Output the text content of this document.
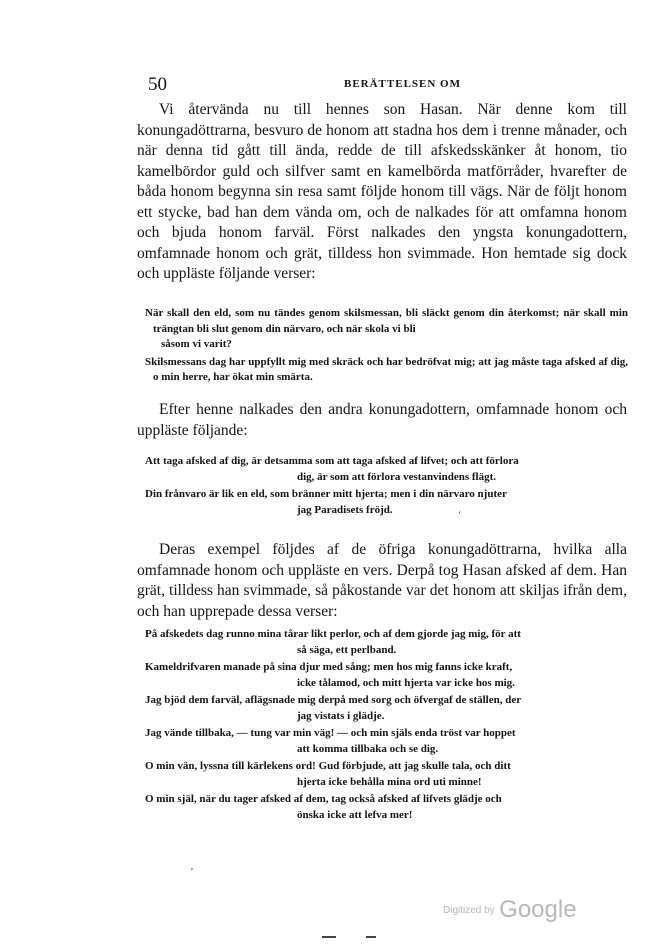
50	BERÄTTELSEN OM

Vi återvända nu till hennes son Hasan. När denne kom till konungadöttrarna, besvuro de honom att stadna hos dem i trenne månader, och när denna tid gått till ända, redde de till afskedsskänker åt honom, tio kamelbördor guld och silfver samt en kamelbörda matförråder, hvarefter de båda honom begynna sin resa samt följde honom till vägs. När de följt honom ett stycke, bad han dem vända om, och de nalkades för att omfamna honom och bjuda honom farväl. Först nalkades den yngsta konungadottern, omfamnade honom och grät, tilldess hon svimmade. Hon hemtade sig dock och uppläste följande verser:

När skall den eld, som nu tändes genom skilsmessan, bli släckt genom din återkomst; när skall min trängtan bli slut genom din närvaro, och när skola vi bli
såsom vi varit?

Skilsmessans dag har uppfyllt mig med skräck och har bedröfvat mig; att jag måste taga afsked af dig, o min herre, har ökat min smärta.

Efter henne nalkades den andra konungadottern, omfamnade honom och uppläste följande:

Att taga afsked af dig, är detsamma som att taga afsked af lifvet; och att förlora
dig, är som att förlora vestanvindens flägt.

Din frånvaro är lik en eld, som bränner mitt hjerta; men i din närvaro njuter
jag Paradisets fröjd.

Deras exempel följdes af de öfriga konungadöttrarna, hvilka alla omfamnade honom och uppläste en vers. Derpå tog Hasan afsked af dem. Han grät, tilldess han svimmade, så påkostande var det honom att skiljas ifrån dem, och han upprepade dessa verser:

På afskedets dag runno mina tårar likt perlor, och af dem gjorde jag mig, för att
så säga, ett perlband.

Kameldrifvaren manade på sina djur med sång; men hos mig fanns icke kraft,
icke tålamod, och mitt hjerta var icke hos mig.

Jag bjöd dem farväl, aflägsnade mig derpå med sorg och öfvergaf de ställen, der
jag vistats i glädje.

Jag vände tillbaka, — tung var min väg! — och min själs enda tröst var hoppet
att komma tillbaka och se dig.

O min vän, lyssna till kärlekens ord! Gud förbjude, att jag skulle tala, och ditt
hjerta icke behålla mina ord uti minne!

O min själ, när du tager afsked af dem, tag också afsked af lifvets glädje och
önska icke att lefva mer!

ʻ
ʼ
$^{Digitized by}$ Google
